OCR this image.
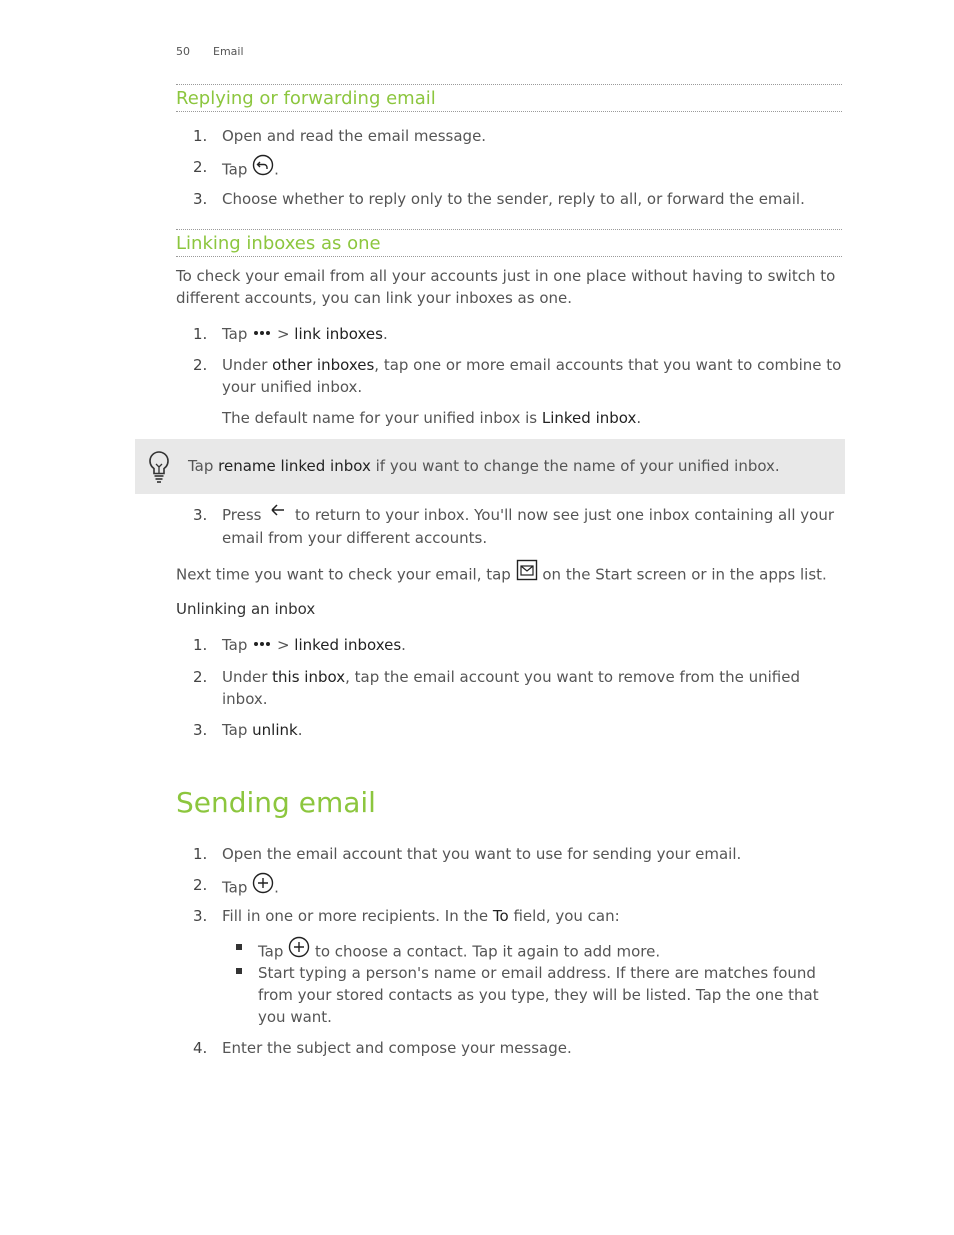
50 Email
Replying or forwarding email
1. Open and read the email message.
2. Tap .
3. Choose whether to reply only to the sender, reply to all, or forward the email.
Linking inboxes as one
To check your email from all your accounts just in one place without having to switch to different accounts, you can link your inboxes as one.
1. Tap  > link inboxes.
2. Under other inboxes, tap one or more email accounts that you want to combine to your unified inbox.
The default name for your unified inbox is Linked inbox.
Tap rename linked inbox if you want to change the name of your unified inbox.
3. Press  to return to your inbox. You'll now see just one inbox containing all your email from your different accounts.
Next time you want to check your email, tap  on the Start screen or in the apps list.
Unlinking an inbox
1. Tap  > linked inboxes.
2. Under this inbox, tap the email account you want to remove from the unified inbox.
3. Tap unlink.
Sending email
1. Open the email account that you want to use for sending your email.
2. Tap .
3. Fill in one or more recipients. In the To field, you can:
Tap  to choose a contact. Tap it again to add more.
Start typing a person's name or email address. If there are matches found from your stored contacts as you type, they will be listed. Tap the one that you want.
4. Enter the subject and compose your message.
